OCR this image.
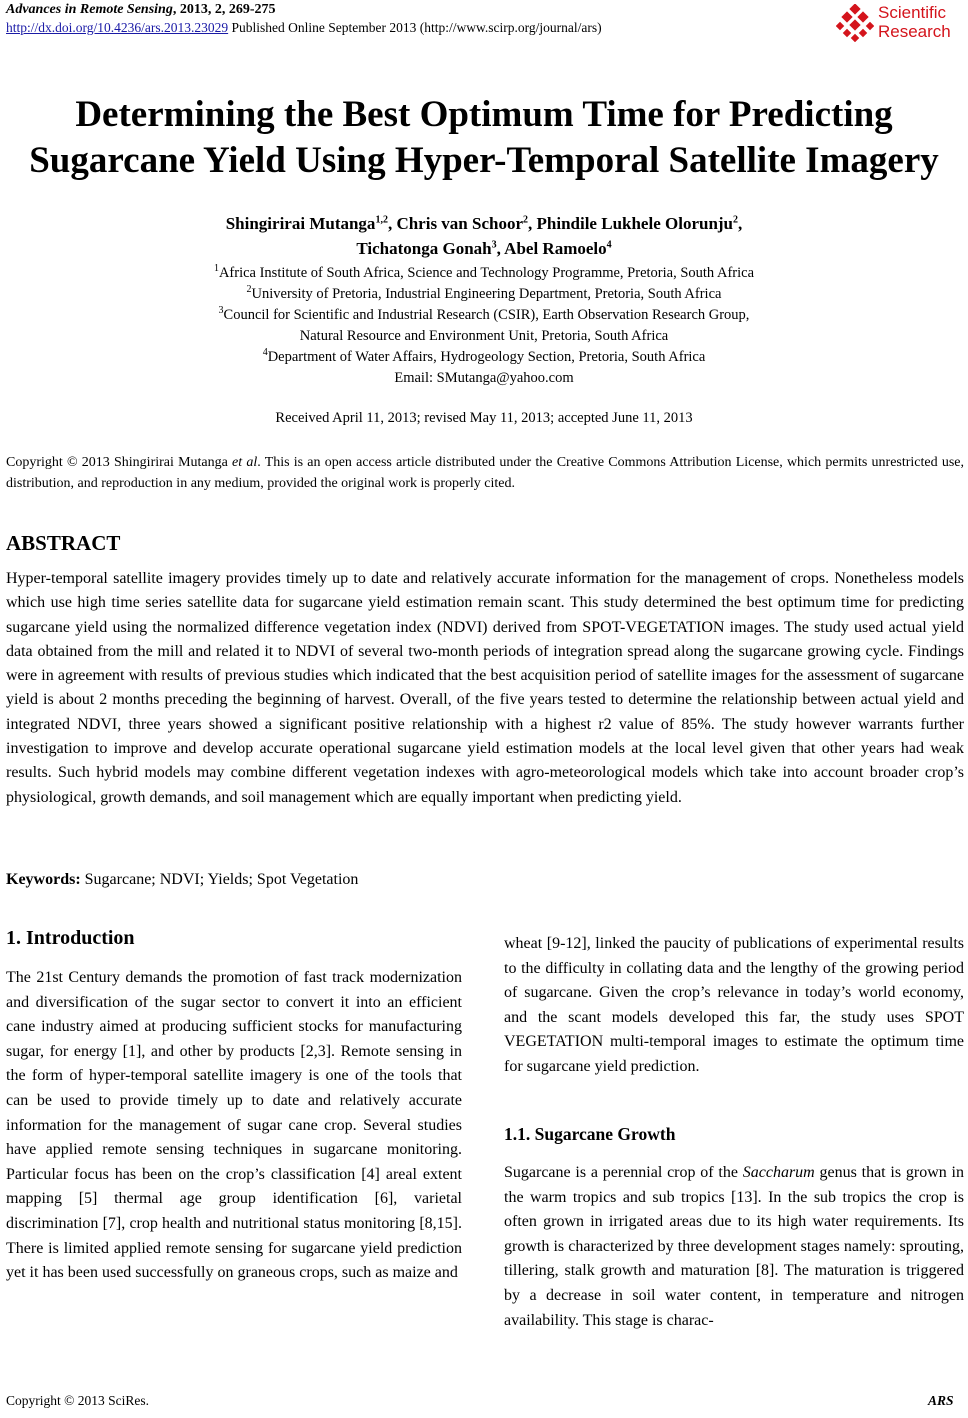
Advances in Remote Sensing, 2013, 2, 269-275
http://dx.doi.org/10.4236/ars.2013.23029 Published Online September 2013 (http://www.scirp.org/journal/ars)
Scientific
Research
Determining the Best Optimum Time for Predicting
Sugarcane Yield Using Hyper-Temporal Satellite Imagery
Shingirirai Mutanga$^{1,2}$, Chris van Schoor$^2$, Phindile Lukhele Olorunju$^2$,
Tichatonga Gonah$^3$, Abel Ramoelo$^4$
$^1$Africa Institute of South Africa, Science and Technology Programme, Pretoria, South Africa
$^2$University of Pretoria, Industrial Engineering Department, Pretoria, South Africa
$^3$Council for Scientific and Industrial Research (CSIR), Earth Observation Research Group,
Natural Resource and Environment Unit, Pretoria, South Africa
$^4$Department of Water Affairs, Hydrogeology Section, Pretoria, South Africa
Email: SMutanga@yahoo.com
Received April 11, 2013; revised May 11, 2013; accepted June 11, 2013
Copyright © 2013 Shingirirai Mutanga et al. This is an open access article distributed under the Creative Commons Attribution License, which permits unrestricted use, distribution, and reproduction in any medium, provided the original work is properly cited.
ABSTRACT
Hyper-temporal satellite imagery provides timely up to date and relatively accurate information for the management of crops. Nonetheless models which use high time series satellite data for sugarcane yield estimation remain scant. This study determined the best optimum time for predicting sugarcane yield using the normalized difference vegetation index (NDVI) derived from SPOT-VEGETATION images. The study used actual yield data obtained from the mill and related it to NDVI of several two-month periods of integration spread along the sugarcane growing cycle. Findings were in agreement with results of previous studies which indicated that the best acquisition period of satellite images for the assessment of sugarcane yield is about 2 months preceding the beginning of harvest. Overall, of the five years tested to determine the relationship between actual yield and integrated NDVI, three years showed a significant positive relationship with a highest r2 value of 85%. The study however warrants further investigation to improve and develop accurate operational sugarcane yield estimation models at the local level given that other years had weak results. Such hybrid models may combine different vegetation indexes with agro-meteorological models which take into account broader crop’s physiological, growth demands, and soil management which are equally important when predicting yield.
Keywords: Sugarcane; NDVI; Yields; Spot Vegetation
1. Introduction
The 21st Century demands the promotion of fast track modernization and diversification of the sugar sector to convert it into an efficient cane industry aimed at producing sufficient stocks for manufacturing sugar, for energy [1], and other by products [2,3]. Remote sensing in the form of hyper-temporal satellite imagery is one of the tools that can be used to provide timely up to date and relatively accurate information for the management of sugar cane crop. Several studies have applied remote sensing techniques in sugarcane monitoring. Particular focus has been on the crop’s classification [4] areal extent mapping [5] thermal age group identification [6], varietal discrimination [7], crop health and nutritional status monitoring [8,15]. There is limited applied remote sensing for sugarcane yield prediction yet it has been used successfully on graneous crops, such as maize and
wheat [9-12], linked the paucity of publications of experimental results to the difficulty in collating data and the lengthy of the growing period of sugarcane. Given the crop’s relevance in today’s world economy, and the scant models developed this far, the study uses SPOT VEGETATION multi-temporal images to estimate the optimum time for sugarcane yield prediction.
1.1. Sugarcane Growth
Sugarcane is a perennial crop of the Saccharum genus that is grown in the warm tropics and sub tropics [13]. In the sub tropics the crop is often grown in irrigated areas due to its high water requirements. Its growth is characterized by three development stages namely: sprouting, tillering, stalk growth and maturation [8]. The maturation is triggered by a decrease in soil water content, in temperature and nitrogen availability. This stage is charac-
Copyright © 2013 SciRes.	ARS
